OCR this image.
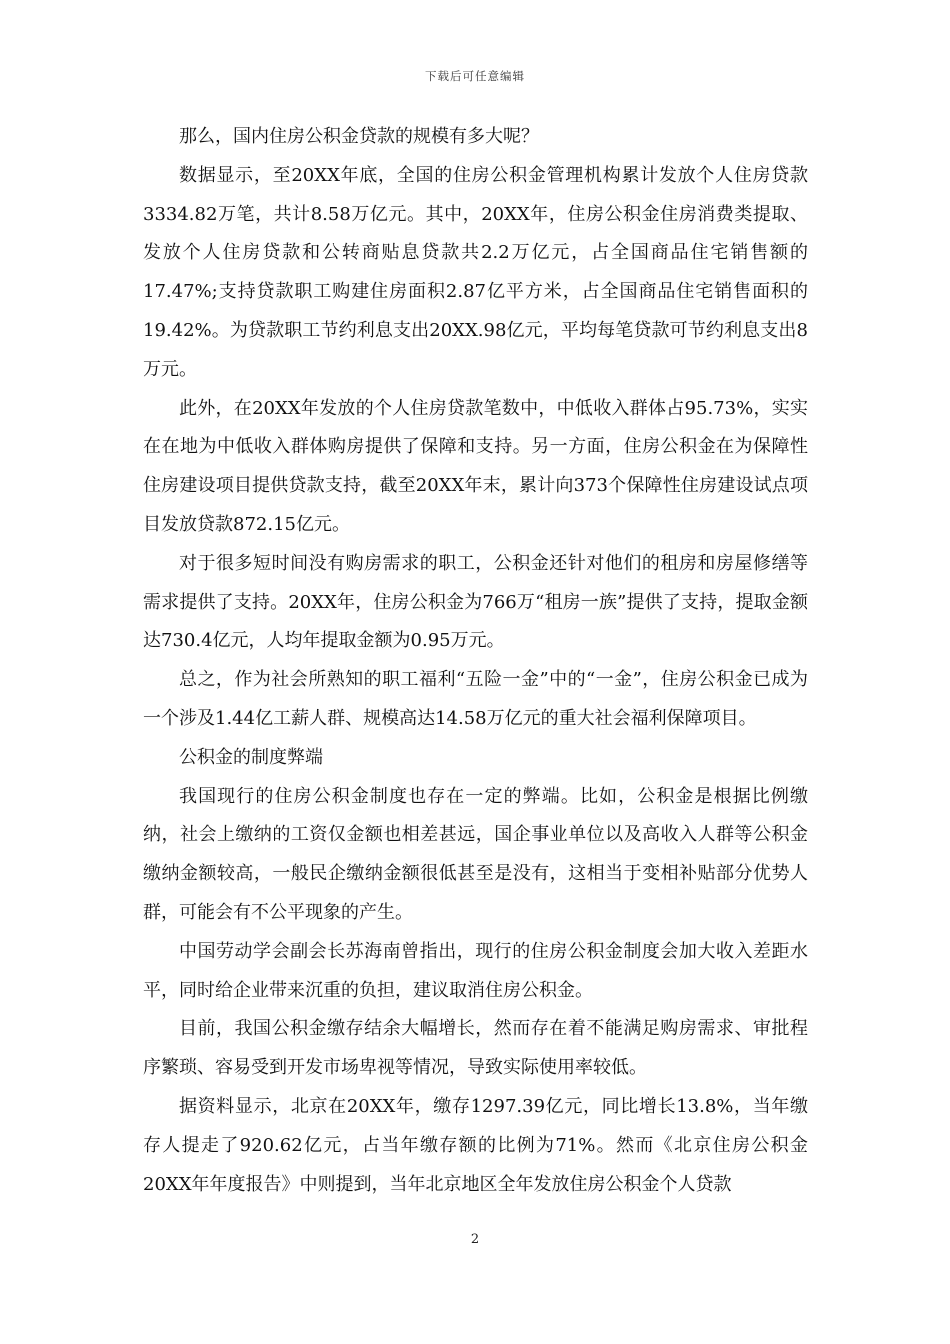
下载后可任意编辑

那么，国内住房公积金贷款的规模有多大呢？

数据显示，至20XX年底，全国的住房公积金管理机构累计发放个人住房贷款3334.82万笔，共计8.58万亿元。其中，20XX年，住房公积金住房消费类提取、发放个人住房贷款和公转商贴息贷款共2.2万亿元，占全国商品住宅销售额的17.47%;支持贷款职工购建住房面积2.87亿平方米，占全国商品住宅销售面积的19.42%。为贷款职工节约利息支出20XX.98亿元，平均每笔贷款可节约利息支出8万元。

此外，在20XX年发放的个人住房贷款笔数中，中低收入群体占95.73%，实实在在地为中低收入群体购房提供了保障和支持。另一方面，住房公积金在为保障性住房建设项目提供贷款支持，截至20XX年末，累计向373个保障性住房建设试点项目发放贷款872.15亿元。

对于很多短时间没有购房需求的职工，公积金还针对他们的租房和房屋修缮等需求提供了支持。20XX年，住房公积金为766万“租房一族”提供了支持，提取金额达730.4亿元，人均年提取金额为0.95万元。

总之，作为社会所熟知的职工福利“五险一金”中的“一金”，住房公积金已成为一个涉及1.44亿工薪人群、规模高达14.58万亿元的重大社会福利保障项目。

公积金的制度弊端

我国现行的住房公积金制度也存在一定的弊端。比如，公积金是根据比例缴纳，社会上缴纳的工资仅金额也相差甚远，国企事业单位以及高收入人群等公积金缴纳金额较高，一般民企缴纳金额很低甚至是没有，这相当于变相补贴部分优势人群，可能会有不公平现象的产生。

中国劳动学会副会长苏海南曾指出，现行的住房公积金制度会加大收入差距水平，同时给企业带来沉重的负担，建议取消住房公积金。

目前，我国公积金缴存结余大幅增长，然而存在着不能满足购房需求、审批程序繁琐、容易受到开发市场卑视等情况，导致实际使用率较低。

据资料显示，北京在20XX年，缴存1297.39亿元，同比增长13.8%，当年缴存人提走了920.62亿元，占当年缴存额的比例为71%。然而《北京住房公积金20XX年年度报告》中则提到，当年北京地区全年发放住房公积金个人贷款

2
